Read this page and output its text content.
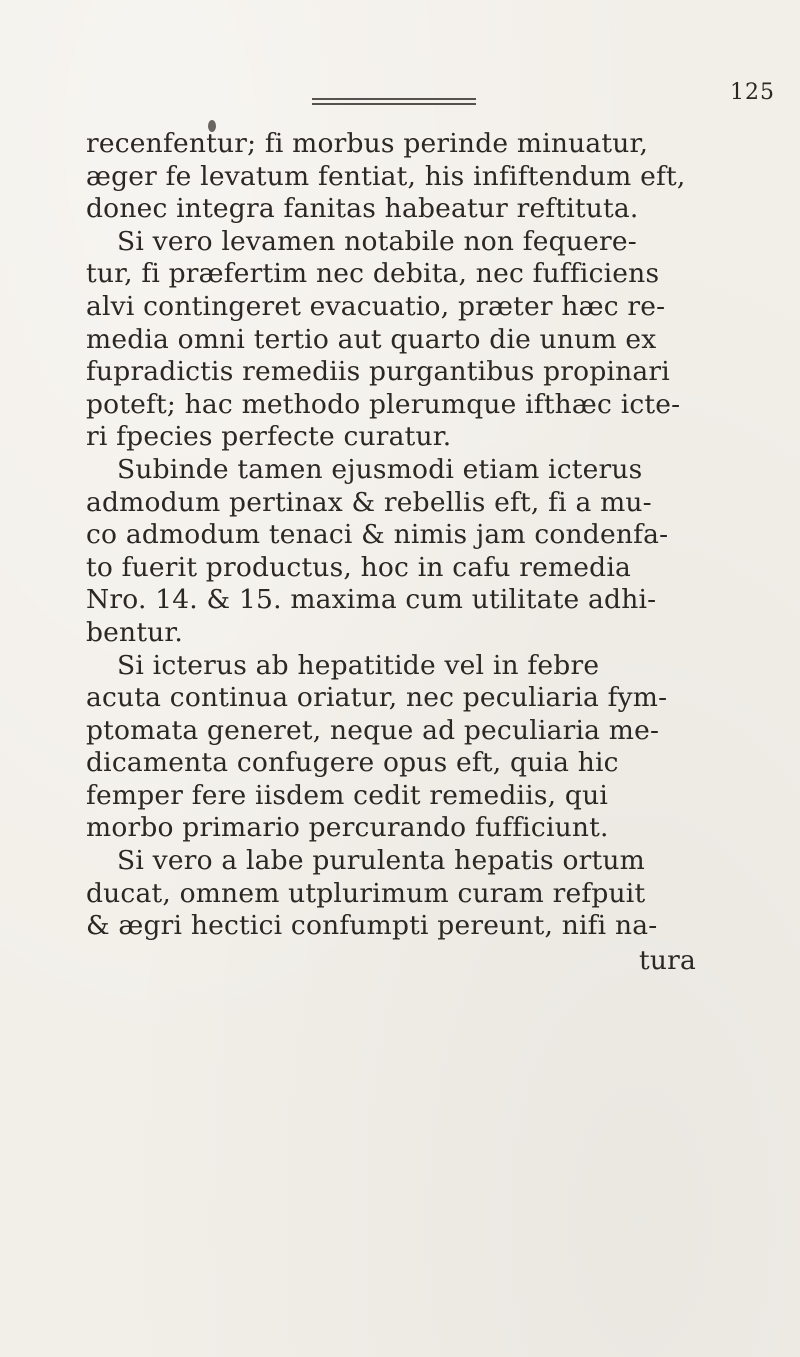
125
recenfentur; fi morbus perinde minuatur,
æger fe levatum fentiat, his infiftendum eft,
donec integra fanitas habeatur reftituta.
Si vero levamen notabile non fequere-
tur, fi præfertim nec debita, nec fufficiens
alvi contingeret evacuatio, præter hæc re-
media omni tertio aut quarto die unum ex
fupradictis remediis purgantibus propinari
poteft; hac methodo plerumque ifthæc icte-
ri fpecies perfecte curatur.
Subinde tamen ejusmodi etiam icterus
admodum pertinax & rebellis eft, fi a mu-
co admodum tenaci & nimis jam condenfa-
to fuerit productus, hoc in cafu remedia
Nro. 14. & 15. maxima cum utilitate adhi-
bentur.
Si icterus ab hepatitide vel in febre
acuta continua oriatur, nec peculiaria fym-
ptomata generet, neque ad peculiaria me-
dicamenta confugere opus eft, quia hic
femper fere iisdem cedit remediis, qui
morbo primario percurando fufficiunt.
Si vero a labe purulenta hepatis ortum
ducat, omnem utplurimum curam refpuit
& ægri hectici confumpti pereunt, nifi na-
tura
